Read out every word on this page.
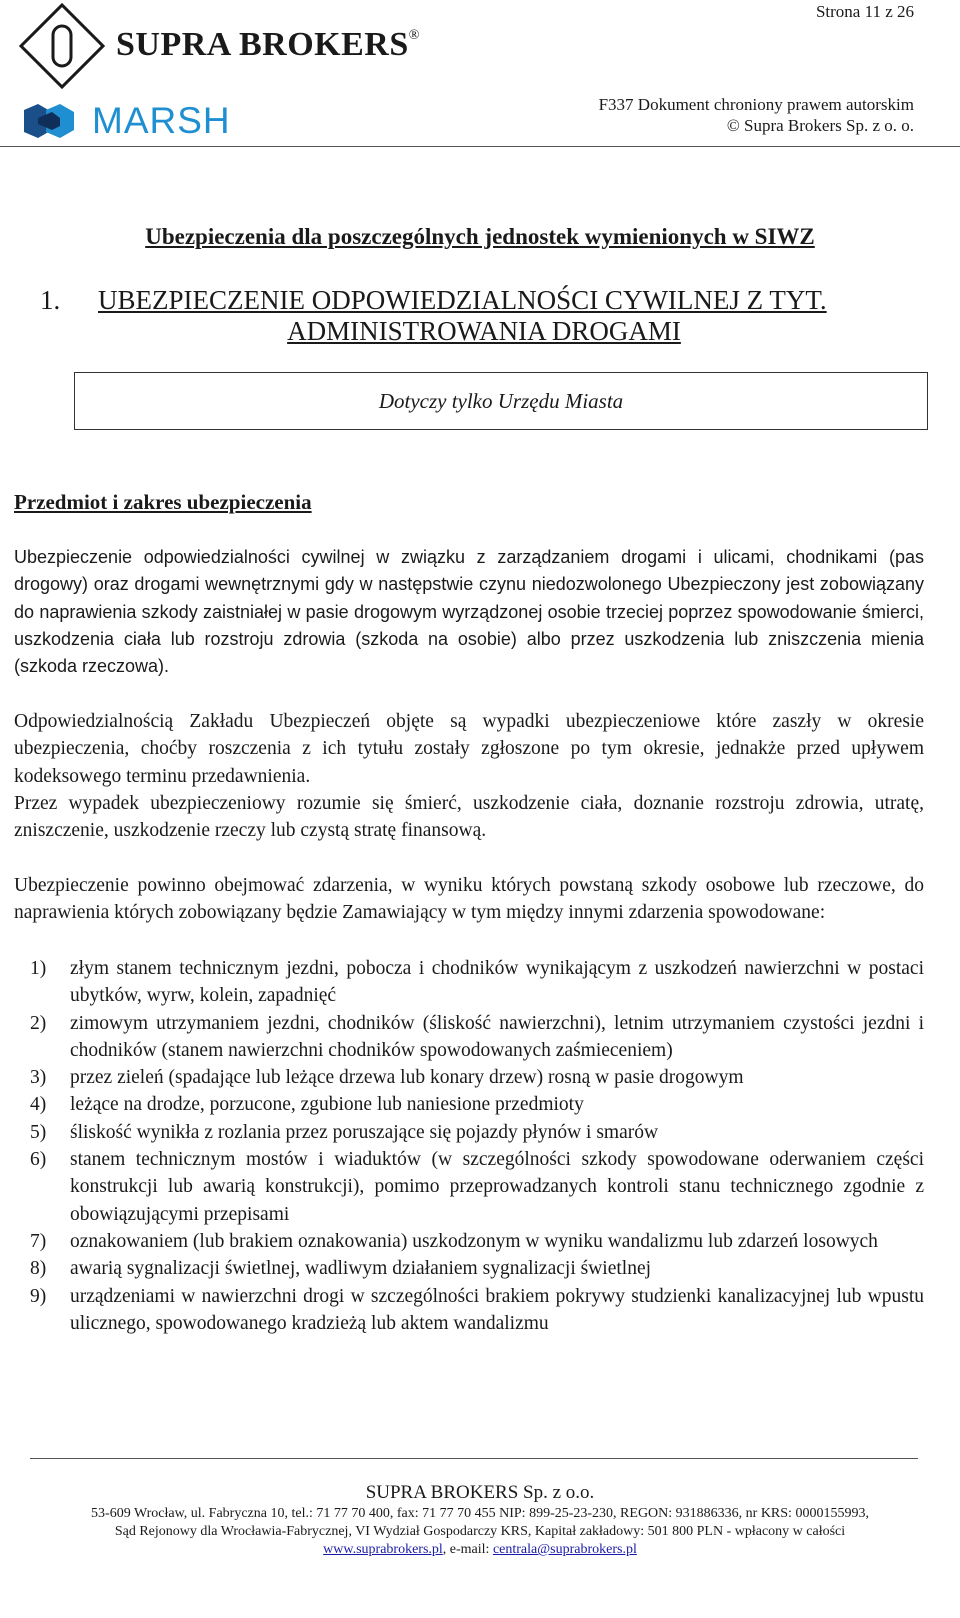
SUPRA BROKERS®
MARSH
Strona 11 z 26
F337 Dokument chroniony prawem autorskim
© Supra Brokers Sp. z o. o.
Ubezpieczenia dla poszczególnych jednostek wymienionych w SIWZ
1. UBEZPIECZENIE ODPOWIEDZIALNOŚCI CYWILNEJ Z TYT.
ADMINISTROWANIA DROGAMI
Dotyczy tylko Urzędu Miasta
Przedmiot i zakres ubezpieczenia
Ubezpieczenie odpowiedzialności cywilnej w związku z zarządzaniem drogami i ulicami, chodnikami (pas drogowy) oraz drogami wewnętrznymi gdy w następstwie czynu niedozwolonego Ubezpieczony jest zobowiązany do naprawienia szkody zaistniałej w pasie drogowym wyrządzonej osobie trzeciej poprzez spowodowanie śmierci, uszkodzenia ciała lub rozstroju zdrowia (szkoda na osobie) albo przez uszkodzenia lub zniszczenia mienia (szkoda rzeczowa).
Odpowiedzialnością Zakładu Ubezpieczeń objęte są wypadki ubezpieczeniowe które zaszły w okresie ubezpieczenia, choćby roszczenia z ich tytułu zostały zgłoszone po tym okresie, jednakże przed upływem kodeksowego terminu przedawnienia.
Przez wypadek ubezpieczeniowy rozumie się śmierć, uszkodzenie ciała, doznanie rozstroju zdrowia, utratę, zniszczenie, uszkodzenie rzeczy lub czystą stratę finansową.
Ubezpieczenie powinno obejmować zdarzenia, w wyniku których powstaną szkody osobowe lub rzeczowe, do naprawienia których zobowiązany będzie Zamawiający w tym między innymi zdarzenia spowodowane:
1) złym stanem technicznym jezdni, pobocza i chodników wynikającym z uszkodzeń nawierzchni w postaci ubytków, wyrw, kolein, zapadnięć
2) zimowym utrzymaniem jezdni, chodników (śliskość nawierzchni), letnim utrzymaniem czystości jezdni i chodników (stanem nawierzchni chodników spowodowanych zaśmieceniem)
3) przez zieleń (spadające lub leżące drzewa lub konary drzew) rosną w pasie drogowym
4) leżące na drodze, porzucone, zgubione lub naniesione przedmioty
5) śliskość wynikła z rozlania przez poruszające się pojazdy płynów i smarów
6) stanem technicznym mostów i wiaduktów (w szczególności szkody spowodowane oderwaniem części konstrukcji lub awarią konstrukcji), pomimo przeprowadzanych kontroli stanu technicznego zgodnie z obowiązującymi przepisami
7) oznakowaniem (lub brakiem oznakowania) uszkodzonym w wyniku wandalizmu lub zdarzeń losowych
8) awarią sygnalizacji świetlnej, wadliwym działaniem sygnalizacji świetlnej
9) urządzeniami w nawierzchni drogi w szczególności brakiem pokrywy studzienki kanalizacyjnej lub wpustu ulicznego, spowodowanego kradzieżą lub aktem wandalizmu
SUPRA BROKERS Sp. z o.o.
53-609 Wrocław, ul. Fabryczna 10, tel.: 71 77 70 400, fax: 71 77 70 455 NIP: 899-25-23-230, REGON: 931886336, nr KRS: 0000155993,
Sąd Rejonowy dla Wrocławia-Fabrycznej, VI Wydział Gospodarczy KRS, Kapitał zakładowy: 501 800 PLN - wpłacony w całości
www.suprabrokers.pl, e-mail: centrala@suprabrokers.pl
